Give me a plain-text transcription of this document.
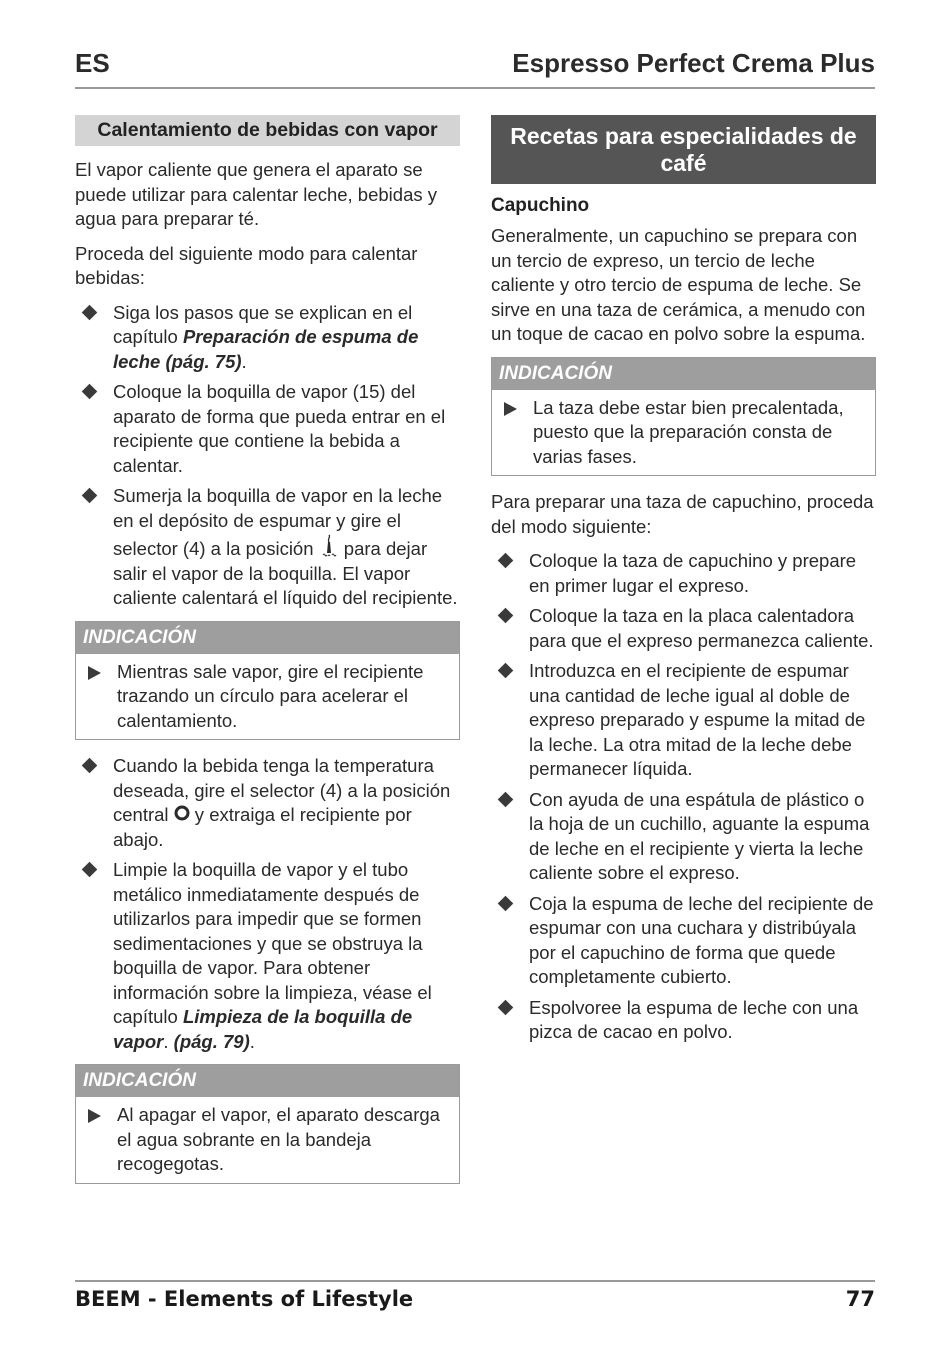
ES	Espresso Perfect Crema Plus
Calentamiento de bebidas con vapor

El vapor caliente que genera el aparato se puede utilizar para calentar leche, bebidas y agua para preparar té.

Proceda del siguiente modo para calentar bebidas:

Siga los pasos que se explican en el capítulo Preparación de espuma de leche (pág. 75).
Coloque la boquilla de vapor (15) del aparato de forma que pueda entrar en el recipiente que contiene la bebida a calentar.
Sumerja la boquilla de vapor en la leche en el depósito de espumar y gire el selector (4) a la posición  para dejar salir el vapor de la boquilla. El vapor caliente calentará el líquido del recipiente.
INDICACIÓN
Mientras sale vapor, gire el recipiente trazando un círculo para acelerar el calentamiento.
Cuando la bebida tenga la temperatura deseada, gire el selector (4) a la posición central  y extraiga el recipiente por abajo.
Limpie la boquilla de vapor y el tubo metálico inmediatamente después de utilizarlos para impedir que se formen sedimentaciones y que se obstruya la boquilla de vapor. Para obtener información sobre la limpieza, véase el capítulo Limpieza de la boquilla de vapor. (pág. 79).
INDICACIÓN
Al apagar el vapor, el aparato descarga el agua sobrante en la bandeja recogegotas.
Recetas para especialidades de café
Capuchino

Generalmente, un capuchino se prepara con un tercio de expreso, un tercio de leche caliente y otro tercio de espuma de leche. Se sirve en una taza de cerámica, a menudo con un toque de cacao en polvo sobre la espuma.

INDICACIÓN
La taza debe estar bien precalentada, puesto que la preparación consta de varias fases.

Para preparar una taza de capuchino, proceda del modo siguiente:

Coloque la taza de capuchino y prepare en primer lugar el expreso.
Coloque la taza en la placa calentadora para que el expreso permanezca caliente.
Introduzca en el recipiente de espumar una cantidad de leche igual al doble de expreso preparado y espume la mitad de la leche. La otra mitad de la leche debe permanecer líquida.
Con ayuda de una espátula de plástico o la hoja de un cuchillo, aguante la espuma de leche en el recipiente y vierta la leche caliente sobre el expreso.
Coja la espuma de leche del recipiente de espumar con una cuchara y distribúyala por el capuchino de forma que quede completamente cubierto.
Espolvoree la espuma de leche con una pizca de cacao en polvo.
BEEM - Elements of Lifestyle	77
